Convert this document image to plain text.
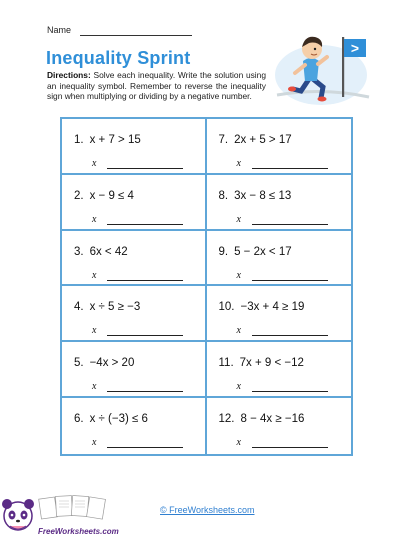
Name
Inequality Sprint
Directions: Solve each inequality. Write the solution using an inequality symbol. Remember to reverse the inequality sign when multiplying or dividing by a negative number.
>
1. x + 7 > 15
x
7. 2x + 5 > 17
x
2. x − 9 ≤ 4
x
8. 3x − 8 ≤ 13
x
3. 6x < 42
x
9. 5 − 2x < 17
x
4. x ÷ 5 ≥ −3
x
10. −3x + 4 ≥ 19
x
5. −4x > 20
x
11. 7x + 9 < −12
x
6. x ÷ (−3) ≤ 6
x
12. 8 − 4x ≥ −16
x
© FreeWorksheets.com
FreeWorksheets.com
